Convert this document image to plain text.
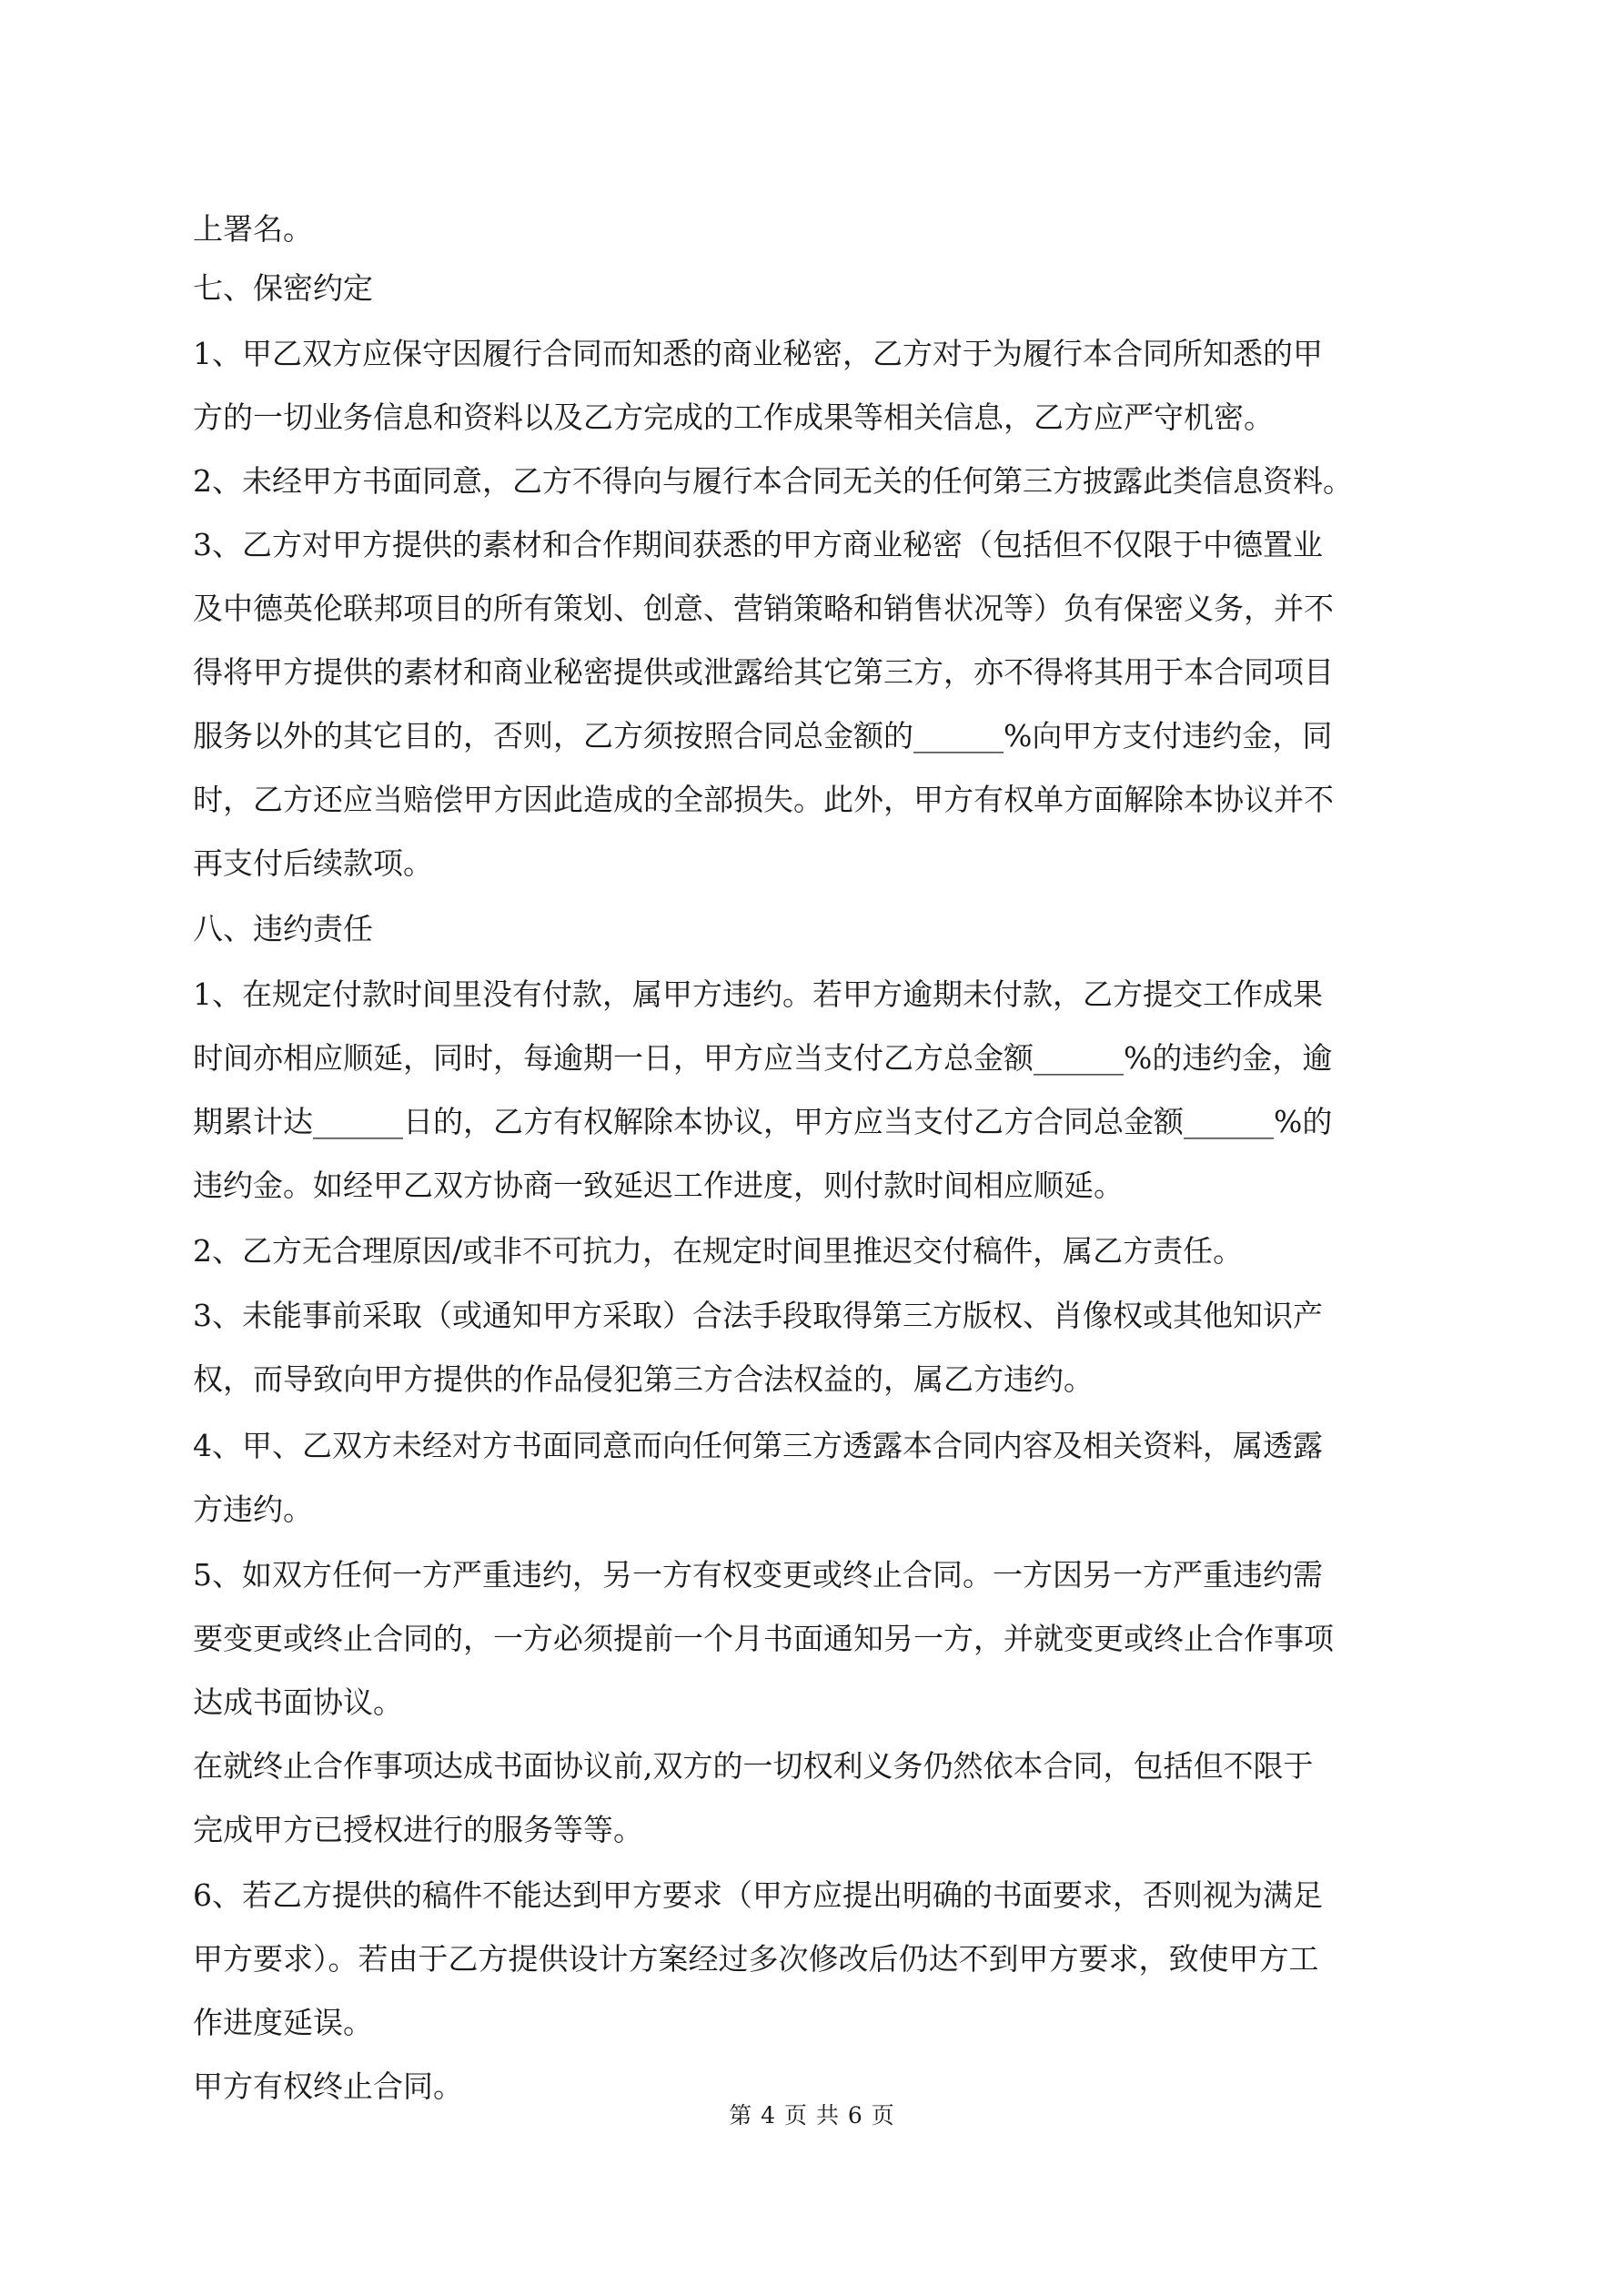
上署名。
七、保密约定
1、甲乙双方应保守因履行合同而知悉的商业秘密，乙方对于为履行本合同所知悉的甲
方的一切业务信息和资料以及乙方完成的工作成果等相关信息，乙方应严守机密。
2、未经甲方书面同意，乙方不得向与履行本合同无关的任何第三方披露此类信息资料。
3、乙方对甲方提供的素材和合作期间获悉的甲方商业秘密（包括但不仅限于中德置业
及中德英伦联邦项目的所有策划、创意、营销策略和销售状况等）负有保密义务，并不
得将甲方提供的素材和商业秘密提供或泄露给其它第三方，亦不得将其用于本合同项目
服务以外的其它目的，否则，乙方须按照合同总金额的______%向甲方支付违约金，同
时，乙方还应当赔偿甲方因此造成的全部损失。此外，甲方有权单方面解除本协议并不
再支付后续款项。
八、违约责任
1、在规定付款时间里没有付款，属甲方违约。若甲方逾期未付款，乙方提交工作成果
时间亦相应顺延，同时，每逾期一日，甲方应当支付乙方总金额______%的违约金，逾
期累计达______日的，乙方有权解除本协议，甲方应当支付乙方合同总金额______%的
违约金。如经甲乙双方协商一致延迟工作进度，则付款时间相应顺延。
2、乙方无合理原因/或非不可抗力，在规定时间里推迟交付稿件，属乙方责任。
3、未能事前采取（或通知甲方采取）合法手段取得第三方版权、肖像权或其他知识产
权，而导致向甲方提供的作品侵犯第三方合法权益的，属乙方违约。
4、甲、乙双方未经对方书面同意而向任何第三方透露本合同内容及相关资料，属透露
方违约。
5、如双方任何一方严重违约，另一方有权变更或终止合同。一方因另一方严重违约需
要变更或终止合同的，一方必须提前一个月书面通知另一方，并就变更或终止合作事项
达成书面协议。
在就终止合作事项达成书面协议前,双方的一切权利义务仍然依本合同，包括但不限于
完成甲方已授权进行的服务等等。
6、若乙方提供的稿件不能达到甲方要求（甲方应提出明确的书面要求，否则视为满足
甲方要求）。若由于乙方提供设计方案经过多次修改后仍达不到甲方要求，致使甲方工
作进度延误。
甲方有权终止合同。
第 4 页 共 6 页
